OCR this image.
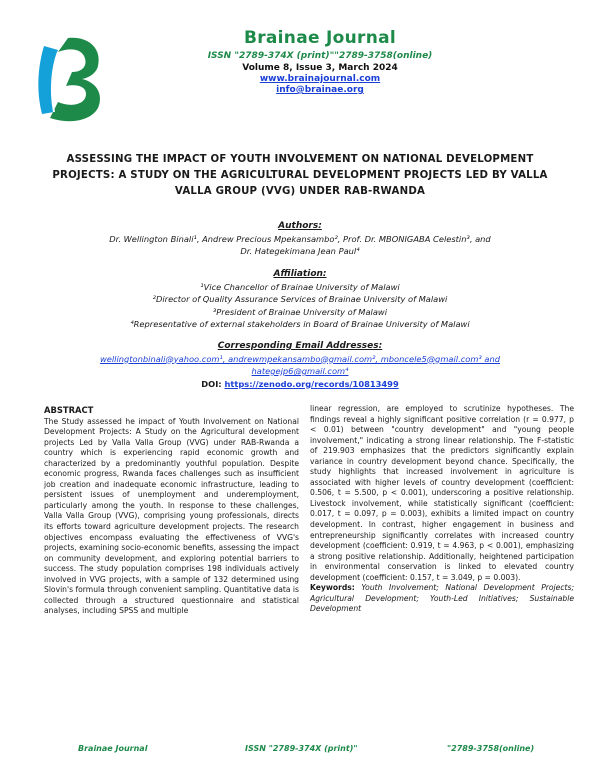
Brainae Journal
ISSN "2789-374X (print)""2789-3758(online)
Volume 8, Issue 3, March 2024
www.brainajournal.com
info@brainae.org
ASSESSING THE IMPACT OF YOUTH INVOLVEMENT ON NATIONAL DEVELOPMENT PROJECTS: A STUDY ON THE AGRICULTURAL DEVELOPMENT PROJECTS LED BY VALLA VALLA GROUP (VVG) UNDER RAB-RWANDA
Authors:
Dr. Wellington Binali¹, Andrew Precious Mpekansambo², Prof. Dr. MBONIGABA Celestin³, and
Dr. Hategekimana Jean Paul⁴
Affiliation:
¹Vice Chancellor of Brainae University of Malawi
²Director of Quality Assurance Services of Brainae University of Malawi
³President of Brainae University of Malawi
⁴Representative of external stakeholders in Board of Brainae University of Malawi
Corresponding Email Addresses:
wellingtonbinali@yahoo.com¹, andrewmpekansambo@gmail.com², mboncele5@gmail.com³ and
hategejp6@gmail.com⁴
DOI: https://zenodo.org/records/10813499
ABSTRACT
The Study assessed he impact of Youth Involvement on National Development Projects: A Study on the Agricultural development projects Led by Valla Valla Group (VVG) under RAB-Rwanda a country which is experiencing rapid economic growth and characterized by a predominantly youthful population. Despite economic progress, Rwanda faces challenges such as insufficient job creation and inadequate economic infrastructure, leading to persistent issues of unemployment and underemployment, particularly among the youth. In response to these challenges, Valla Valla Group (VVG), comprising young professionals, directs its efforts toward agriculture development projects. The research objectives encompass evaluating the effectiveness of VVG's projects, examining socio-economic benefits, assessing the impact on community development, and exploring potential barriers to success. The study population comprises 198 individuals actively involved in VVG projects, with a sample of 132 determined using Slovin's formula through convenient sampling. Quantitative data is collected through a structured questionnaire and statistical analyses, including SPSS and multiple
linear regression, are employed to scrutinize hypotheses. The findings reveal a highly significant positive correlation (r = 0.977, p < 0.01) between "country development" and "young people involvement," indicating a strong linear relationship. The F-statistic of 219.903 emphasizes that the predictors significantly explain variance in country development beyond chance. Specifically, the study highlights that increased involvement in agriculture is associated with higher levels of country development (coefficient: 0.506, t = 5.500, p < 0.001), underscoring a positive relationship. Livestock involvement, while statistically significant (coefficient: 0.017, t = 0.097, p = 0.003), exhibits a limited impact on country development. In contrast, higher engagement in business and entrepreneurship significantly correlates with increased country development (coefficient: 0.919, t = 4.963, p < 0.001), emphasizing a strong positive relationship. Additionally, heightened participation in environmental conservation is linked to elevated country development (coefficient: 0.157, t = 3.049, p = 0.003).
Keywords: Youth Involvement; National Development Projects; Agricultural Development; Youth-Led Initiatives; Sustainable Development
Brainae Journal	ISSN "2789-374X (print)"	"2789-3758(online)
